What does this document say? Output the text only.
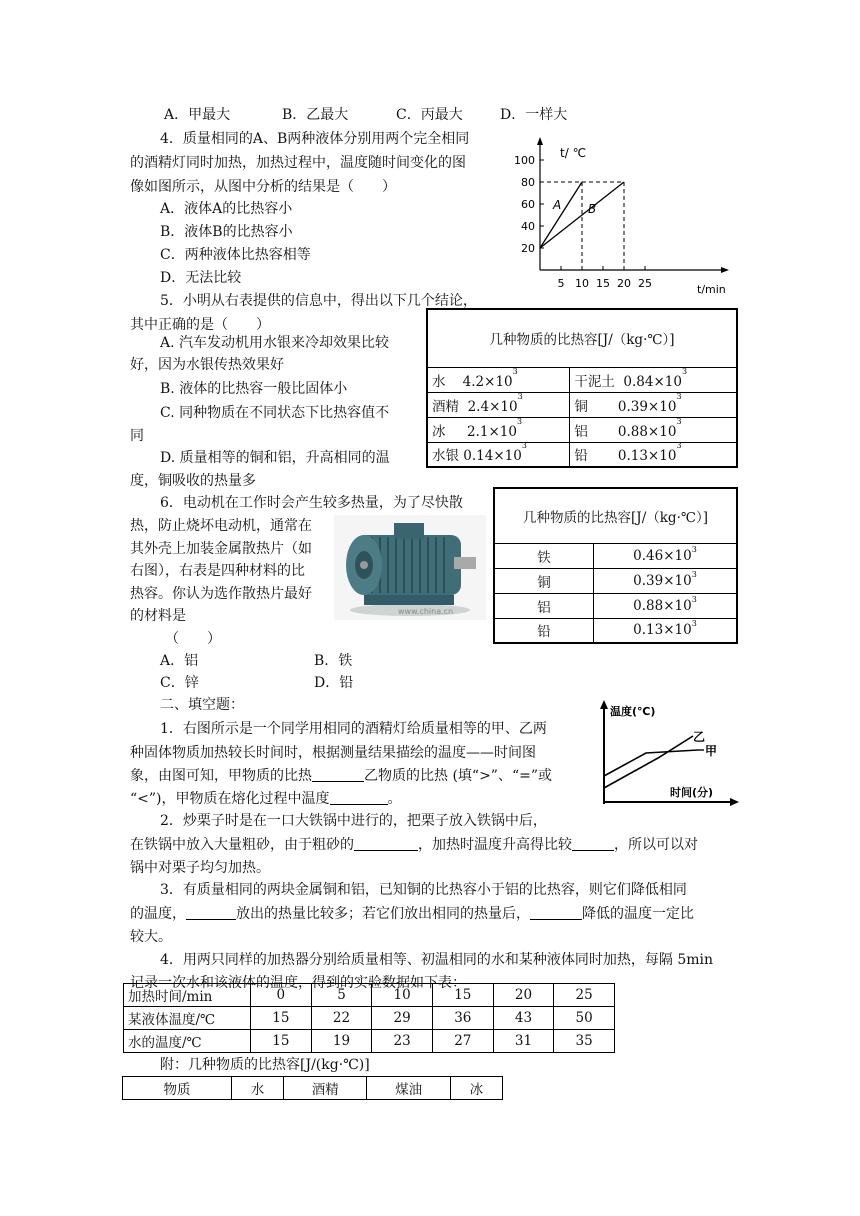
A．甲最大	B．乙最大	C．丙最大	D．一样大
4．质量相同的A、B两种液体分别用两个完全相同
的酒精灯同时加热，加热过程中，温度随时间变化的图
像如图所示，从图中分析的结果是（　　）
A．液体A的比热容小
B．液体B的比热容小
C．两种液体比热容相等
D．无法比较
t/ ℃
t/min
20
40
60
80
100
5 10 15 20 25
A B
5．小明从右表提供的信息中，得出以下几个结论，
其中正确的是（　　）
A. 汽车发动机用水银来冷却效果比较
好，因为水银传热效果好
B. 液体的比热容一般比固体小
C. 同种物质在不同状态下比热容值不
同
D. 质量相等的铜和铝，升高相同的温
度，铜吸收的热量多
几种物质的比热容[J/（kg·℃）]	
水 $4.2\times 10^3$	干泥土 $0.84\times 10^3$
酒精 $2.4\times 10^3$	铜 $0.39\times 10^3$
冰 $2.1\times 10^3$	铝 $0.88\times 10^3$
水银 $0.14\times 10^3$	铅 $0.13\times 10^3$
6．电动机在工作时会产生较多热量，为了尽快散
热，防止烧坏电动机，通常在
其外壳上加装金属散热片（如
右图），右表是四种材料的比
热容。你认为选作散热片最好
的材料是
（　　）
www.china.cn
几种物质的比热容[J/（kg·℃）]	
铁	$0.46\times 10^3$
铜	$0.39\times 10^3$
铝	$0.88\times 10^3$
铅	$0.13\times 10^3$
A．铝	B．铁
C．锌	D．铅
二、填空题：
1．右图所示是一个同学用相同的酒精灯给质量相等的甲、乙两
种固体物质加热较长时间时，根据测量结果描绘的温度——时间图
象，由图可知，甲物质的比热	乙物质的比热 (填“>”、“=”或
“<”)，甲物质在熔化过程中温度	。
温度(℃)
时间(分)
乙
甲
2．炒栗子时是在一口大铁锅中进行的，把栗子放入铁锅中后，
在铁锅中放入大量粗砂，由于粗砂的	，加热时温度升高得比较	，所以可以对
锅中对栗子均匀加热。
3．有质量相同的两块金属铜和铝，已知铜的比热容小于铝的比热容，则它们降低相同
的温度，	放出的热量比较多；若它们放出相同的热量后，	降低的温度一定比
较大。
4．用两只同样的加热器分别给质量相等、初温相同的水和某种液体同时加热，每隔 5min
记录一次水和该液体的温度，得到的实验数据如下表：
加热时间/min	0	5	10	15	20	25
某液体温度/℃	15	22	29	36	43	50
水的温度/℃	15	19	23	27	31	35
附：几种物质的比热容[J/(kg·℃)]
物质	水	酒精	煤油	冰
